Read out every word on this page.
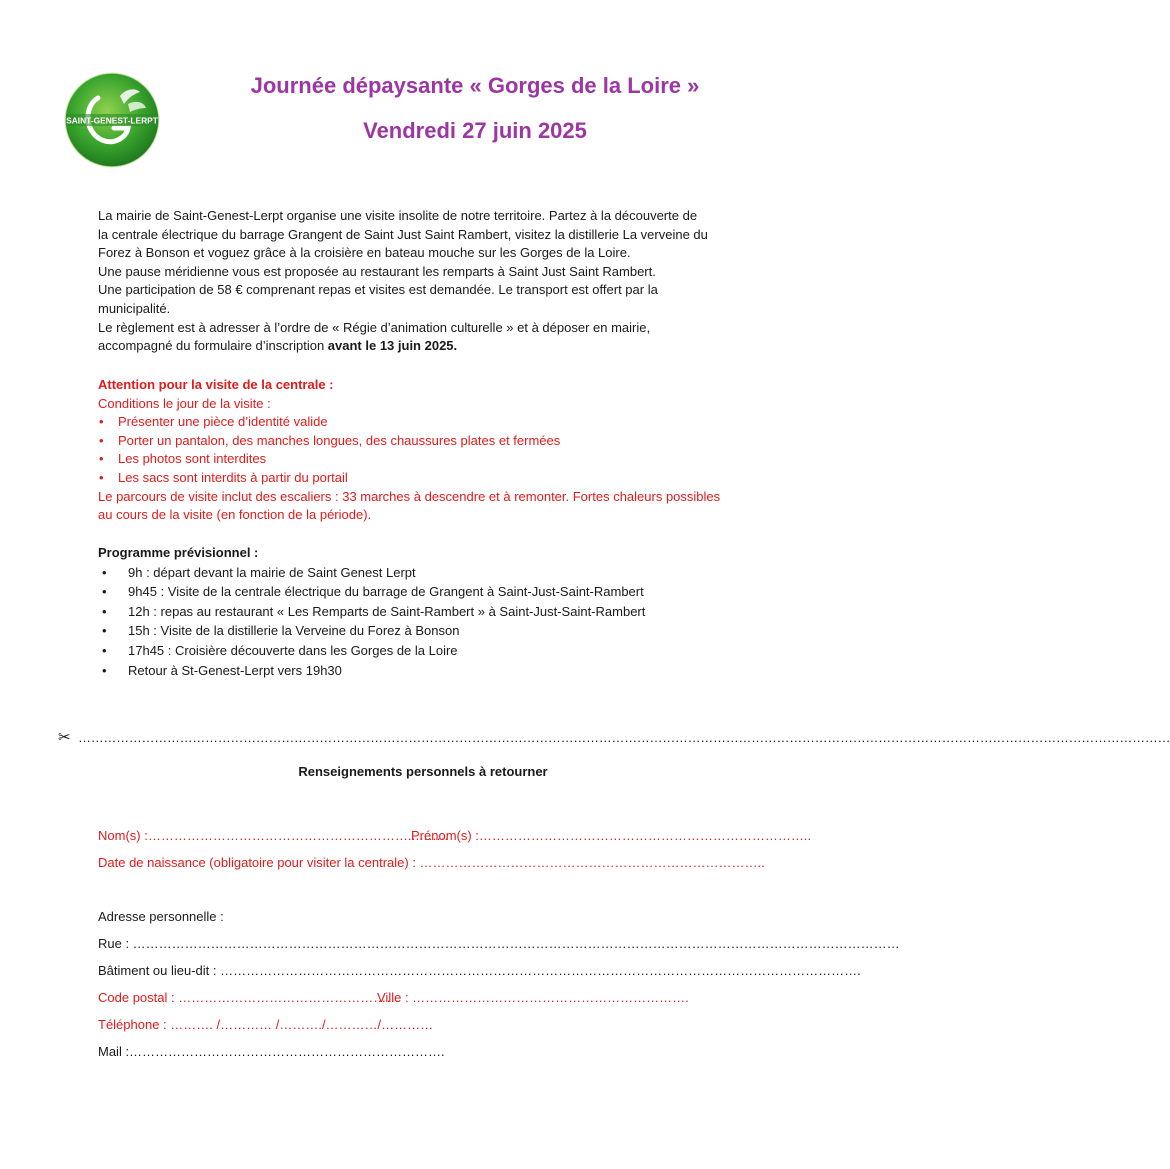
SAINT-GENEST-LERPT
Journée dépaysante « Gorges de la Loire »
Vendredi 27 juin 2025
La mairie de Saint-Genest-Lerpt organise une visite insolite de notre territoire. Partez à la découverte de
la centrale électrique du barrage Grangent de Saint Just Saint Rambert, visitez la distillerie La verveine du
Forez à Bonson et voguez grâce à la croisière en bateau mouche sur les Gorges de la Loire.
Une pause méridienne vous est proposée au restaurant les remparts à Saint Just Saint Rambert.
Une participation de 58 € comprenant repas et visites est demandée. Le transport est offert par la
municipalité.
Le règlement est à adresser à l’ordre de « Régie d’animation culturelle » et à déposer en mairie,
accompagné du formulaire d’inscription avant le 13 juin 2025.
Attention pour la visite de la centrale :
Conditions le jour de la visite :
• Présenter une pièce d’identité valide
• Porter un pantalon, des manches longues, des chaussures plates et fermées
• Les photos sont interdites
• Les sacs sont interdits à partir du portail
Le parcours de visite inclut des escaliers : 33 marches à descendre et à remonter. Fortes chaleurs possibles
au cours de la visite (en fonction de la période).
Programme prévisionnel :
• 9h : départ devant la mairie de Saint Genest Lerpt
• 9h45 : Visite de la centrale électrique du barrage de Grangent à Saint-Just-Saint-Rambert
• 12h : repas au restaurant « Les Remparts de Saint-Rambert » à Saint-Just-Saint-Rambert
• 15h : Visite de la distillerie la Verveine du Forez à Bonson
• 17h45 : Croisière découverte dans les Gorges de la Loire
• Retour à St-Genest-Lerpt vers 19h30
✂ ……………………………………………………………………………………………………………………………………………………………………………………………………………………………………
Renseignements personnels à retourner
Nom(s) :……………………………………………………..……..
Prénom(s) :…………………………………………………………………..
Date de naissance (obligatoire pour visiter la centrale) : ……………………………………………………………………..
Adresse personnelle :
Rue : ……………………………………………………………………………………………………………………………………………………………
Bâtiment ou lieu-dit : ………………………………………………………………………………………………………………………………….
Code postal : ……………………………………………
Ville : ……………………………………………………….
Téléphone : ………. /………… /………./…………/…………
Mail :……………………………………………………………….
